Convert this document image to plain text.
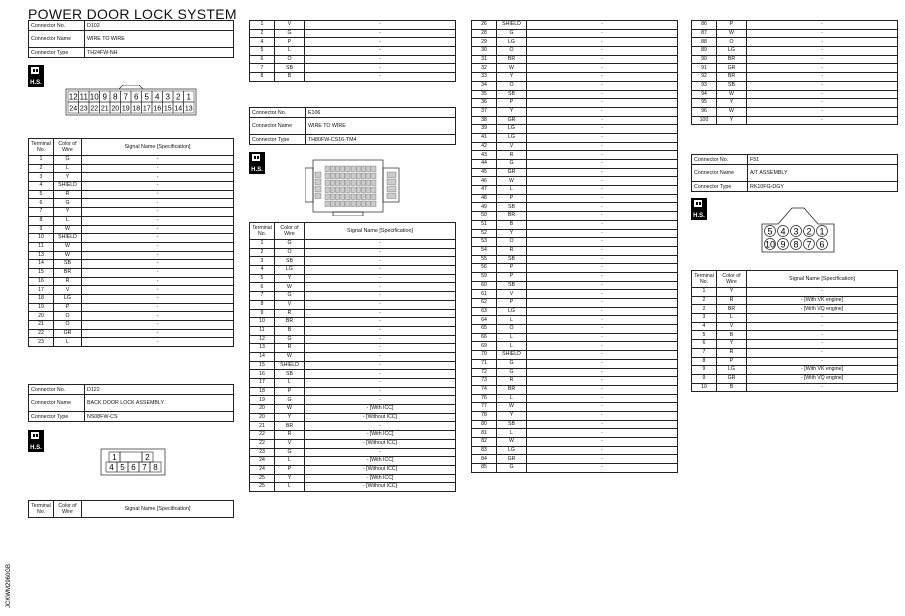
POWER DOOR LOCK SYSTEM
Connector No.	D102
Connector Name	WIRE TO WIRE
Connector Type	TH24FW-NH
H.S.
12 11 10 9 8 7 6 5 4 3 2 1
24 23 22 21 20 19 18 17 16 15 14 13
Terminal No.	Color of Wire	Signal Name [Specification]
1	G	-
2	L	-
3	Y	-
4	SHIELD	-
5	R	-
6	G	-
7	Y	-
8	L	-
9	W	-
10	SHIELD	-
11	W	-
13	W	-
14	SB	-
15	BR	-
16	R	-
17	V	-
18	LG	-
19	P	-
20	O	-
21	O	-
22	GR	-
23	L	-
Connector No.	D122
Connector Name	BACK DOOR LOCK ASSEMBLY
Connector Type	NS08FW-CS
H.S.
1	2
4 5 6 7 8
Terminal No.	Color of Wire	Signal Name [Specification]
1	V	-
2	G	-
4	P	-
5	L	-
6	O	-
7	SB	-
8	B	-
Connector No.	E106
Connector Name	WIRE TO WIRE
Connector Type	TH80FW-CS16-TM4
H.S.
Terminal No.	Color of Wire	Signal Name [Specification]
1	G	-
2	O	-
3	SB	-
4	LG	-
5	Y	-
6	W	-
7	G	-
8	V	-
9	R	-
10	BR	-
11	B	-
12	G	-
13	R	-
14	W	-
15	SHIELD	-
16	SB	-
17	L	-
18	P	-
19	G	-
20	W	- [With ICC]
20	Y	- [Without ICC]
21	BR	-
22	R	- [With ICC]
22	V	- [Without ICC]
23	G	-
24	L	- [With ICC]
24	P	- [Without ICC]
25	Y	- [With ICC]
25	L	- [Without ICC]
26	SHIELD	-
28	G	-
29	LG	-
30	O	-
31	BR	-
32	W	-
33	Y	-
34	O	-
35	SB	-
36	P	-
37	Y	-
38	GR	-
39	LG	-
41	LG	-
42	V	-
43	R	-
44	G	-
45	GR	-
46	W	-
47	L	-
48	P	-
49	SB	-
50	BR	-
51	B	-
52	Y	-
53	O	-
54	R	-
55	SB	-
56	P	-
59	P	-
60	SB	-
61	V	-
62	P	-
63	LG	-
64	L	-
65	O	-
66	L	-
69	L	-
70	SHIELD	-
71	G	-
72	G	-
73	R	-
74	BR	-
76	L	-
77	W	-
78	Y	-
80	SB	-
81	L	-
82	W	-
83	LG	-
84	GR	-
85	G	-
86	P	-
87	W	-
88	O	-
89	LG	-
90	BR	-
91	GR	-
92	BR	-
93	SB	-
94	W	-
95	Y	-
96	W	-
100	Y	-
Connector No.	F51
Connector Name	A/T ASSEMBLY
Connector Type	RK10FG-DGY
H.S.
5 4 3 2 1
10 9 8 7 6
Terminal No.	Color of Wire	Signal Name [Specification]
1	Y	-
2	R	- [With VK engine]
2	BR	- [With VQ engine]
3	L	-
4	V	-
5	B	-
6	Y	-
7	R	-
8	P	-
9	LG	- [With VK engine]
9	GR	- [With VQ engine]
10	B	-
JCKWM2960GB
